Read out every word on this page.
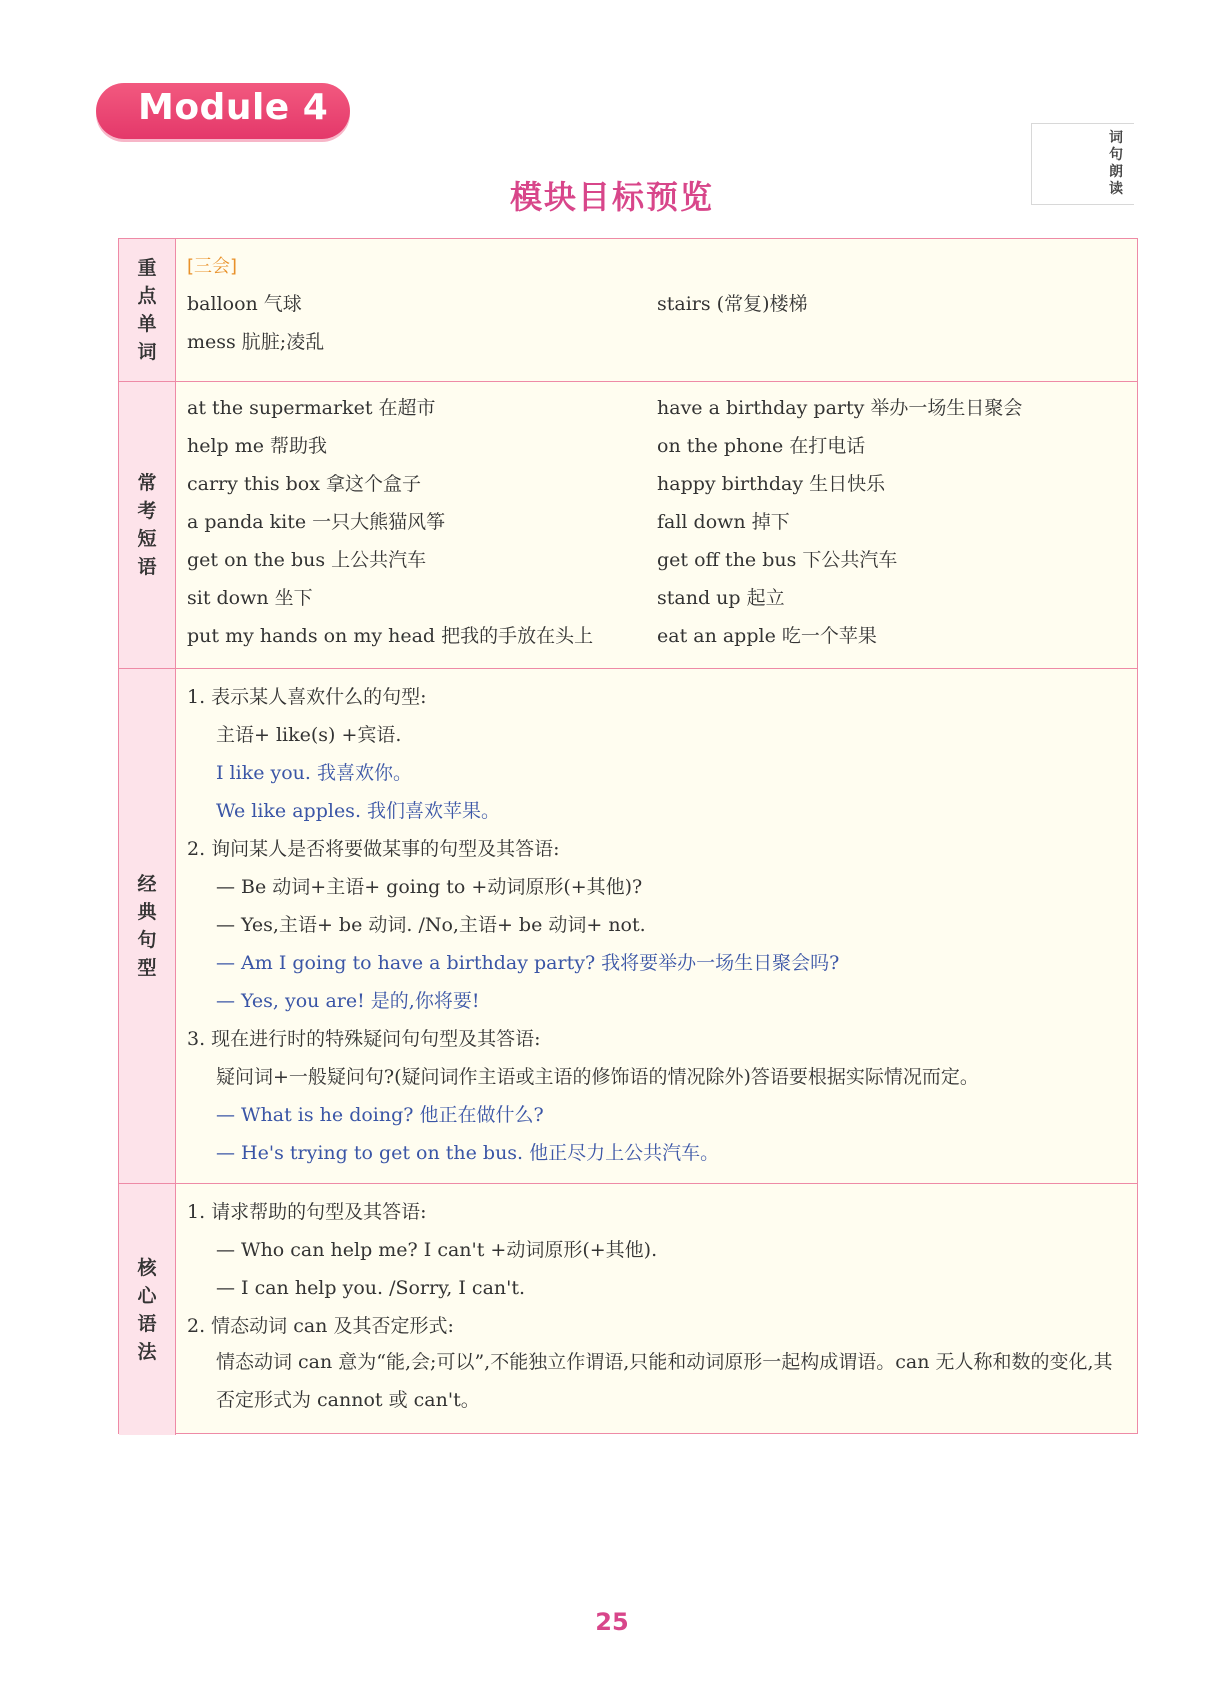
Module 4
词句朗读
模块目标预览
重点单词
[三会]
balloon 气球	stairs (常复)楼梯
mess 肮脏;凌乱
常考短语
at the supermarket 在超市
help me 帮助我
carry this box 拿这个盒子
a panda kite 一只大熊猫风筝
get on the bus 上公共汽车
sit down 坐下
put my hands on my head 把我的手放在头上
have a birthday party 举办一场生日聚会
on the phone 在打电话
happy birthday 生日快乐
fall down 掉下
get off the bus 下公共汽车
stand up 起立
eat an apple 吃一个苹果
经典句型
1. 表示某人喜欢什么的句型:
主语+ like(s) +宾语.
I like you. 我喜欢你。
We like apples. 我们喜欢苹果。
2. 询问某人是否将要做某事的句型及其答语:
— Be 动词+主语+ going to +动词原形(+其他)?
— Yes,主语+ be 动词. /No,主语+ be 动词+ not.
— Am I going to have a birthday party? 我将要举办一场生日聚会吗?
— Yes, you are! 是的,你将要!
3. 现在进行时的特殊疑问句句型及其答语:
疑问词+一般疑问句?(疑问词作主语或主语的修饰语的情况除外)答语要根据实际情况而定。
— What is he doing? 他正在做什么?
— He's trying to get on the bus. 他正尽力上公共汽车。
核心语法
1. 请求帮助的句型及其答语:
— Who can help me? I can't +动词原形(+其他).
— I can help you. /Sorry, I can't.
2. 情态动词 can 及其否定形式:
情态动词 can 意为“能,会;可以”,不能独立作谓语,只能和动词原形一起构成谓语。can 无人称和数的变化,其否定形式为 cannot 或 can't。
25
